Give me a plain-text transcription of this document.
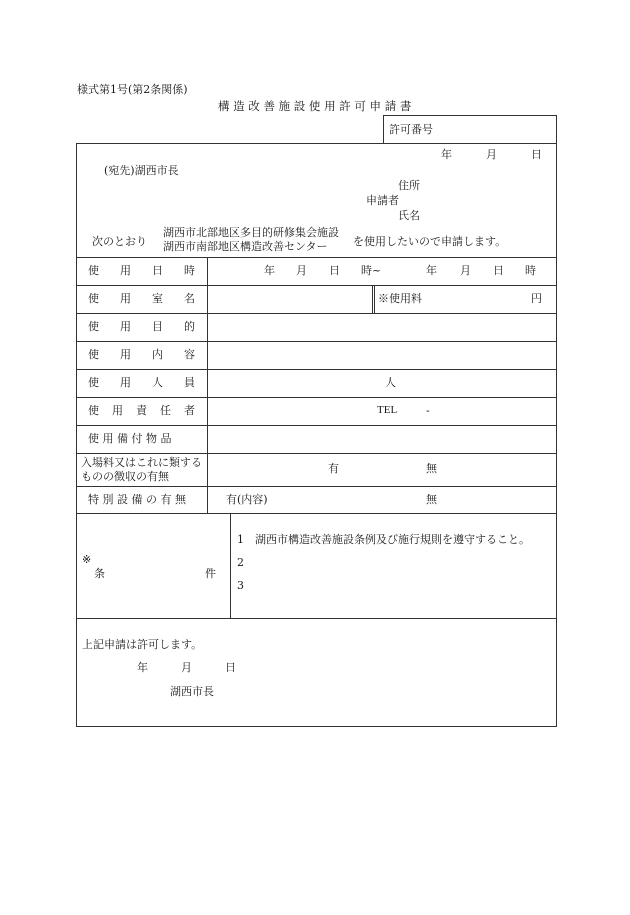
様式第1号(第2条関係)
構 造 改 善 施 設 使 用 許 可 申 請 書
許可番号
年	月	日
(宛先)湖西市長
住所
申請者
氏名
次のとおり
湖西市北部地区多目的研修集会施設
湖西市南部地区構造改善センター を使用したいので申請します。
使 用 日 時	年 月 日 時~	年 月 日 時
使 用 室 名	※使用料	円
使 用 目 的
使 用 内 容
使 用 人 員	人
使 用 責 任 者	TEL	-
使 用 備 付 物 品
入場料又はこれに類する
ものの徴収の有無
有	無
特 別 設 備 の 有 無	有(内容)	無
※
条	件
1 湖西市構造改善施設条例及び施行規則を遵守すること。
2
3
上記申請は許可します。
年	月	日
湖西市長
